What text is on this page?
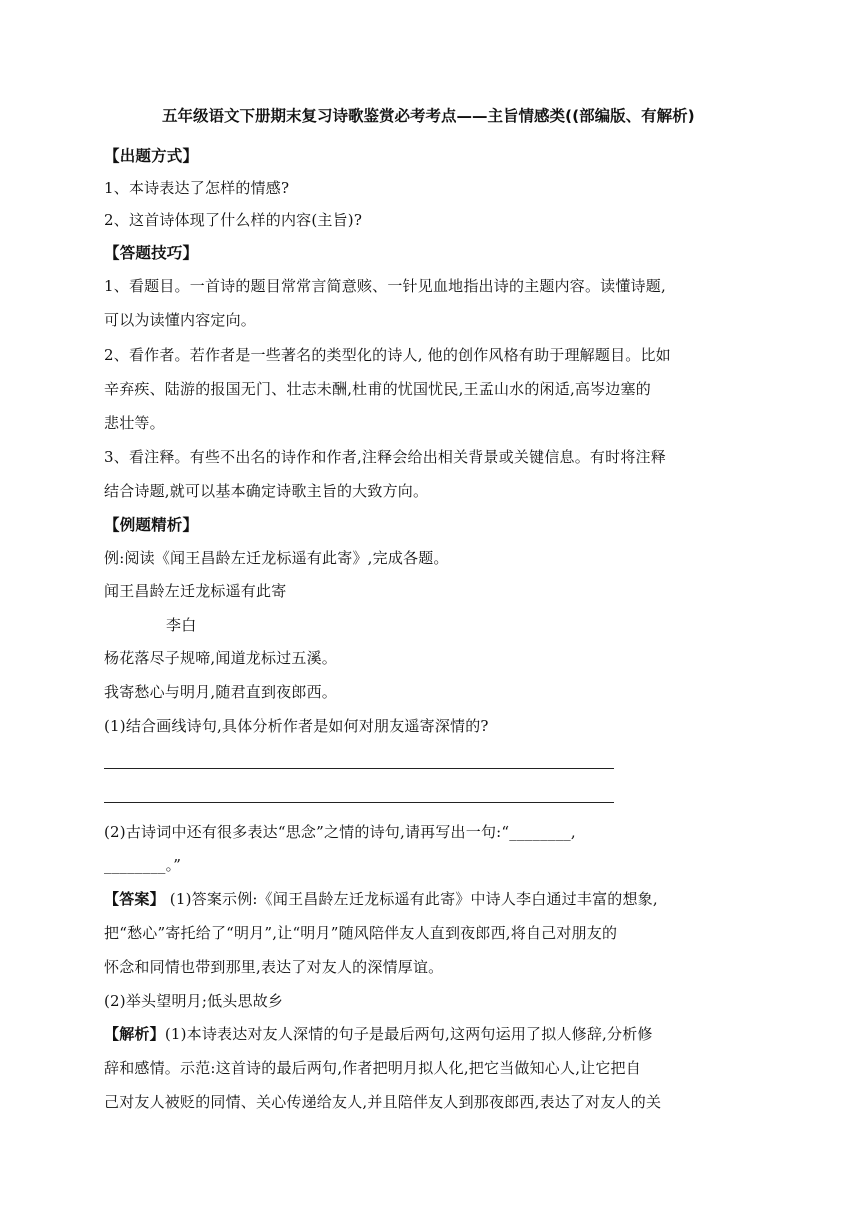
五年级语文下册期末复习诗歌鉴赏必考考点——主旨情感类((部编版、有解析)
【出题方式】
1、本诗表达了怎样的情感?
2、这首诗体现了什么样的内容(主旨)?
【答题技巧】
1、看题目。一首诗的题目常常言简意赅、一针见血地指出诗的主题内容。读懂诗题,
可以为读懂内容定向。
2、看作者。若作者是一些著名的类型化的诗人, 他的创作风格有助于理解题目。比如
辛弃疾、陆游的报国无门、壮志未酬,杜甫的忧国忧民,王孟山水的闲适,高岑边塞的
悲壮等。
3、看注释。有些不出名的诗作和作者,注释会给出相关背景或关键信息。有时将注释
结合诗题,就可以基本确定诗歌主旨的大致方向。
【例题精析】
例:阅读《闻王昌龄左迁龙标遥有此寄》,完成各题。
闻王昌龄左迁龙标遥有此寄
李白
杨花落尽子规啼,闻道龙标过五溪。
我寄愁心与明月,随君直到夜郎西。
(1)结合画线诗句,具体分析作者是如何对朋友遥寄深情的?
(2)古诗词中还有很多表达“思念”之情的诗句,请再写出一句:“________,
________。”
【答案】 (1)答案示例:《闻王昌龄左迁龙标遥有此寄》中诗人李白通过丰富的想象,
把“愁心”寄托给了“明月”,让“明月”随风陪伴友人直到夜郎西,将自己对朋友的
怀念和同情也带到那里,表达了对友人的深情厚谊。
(2)举头望明月;低头思故乡
【解析】(1)本诗表达对友人深情的句子是最后两句,这两句运用了拟人修辞,分析修
辞和感情。示范:这首诗的最后两句,作者把明月拟人化,把它当做知心人,让它把自
己对友人被贬的同情、关心传递给友人,并且陪伴友人到那夜郎西,表达了对友人的关
